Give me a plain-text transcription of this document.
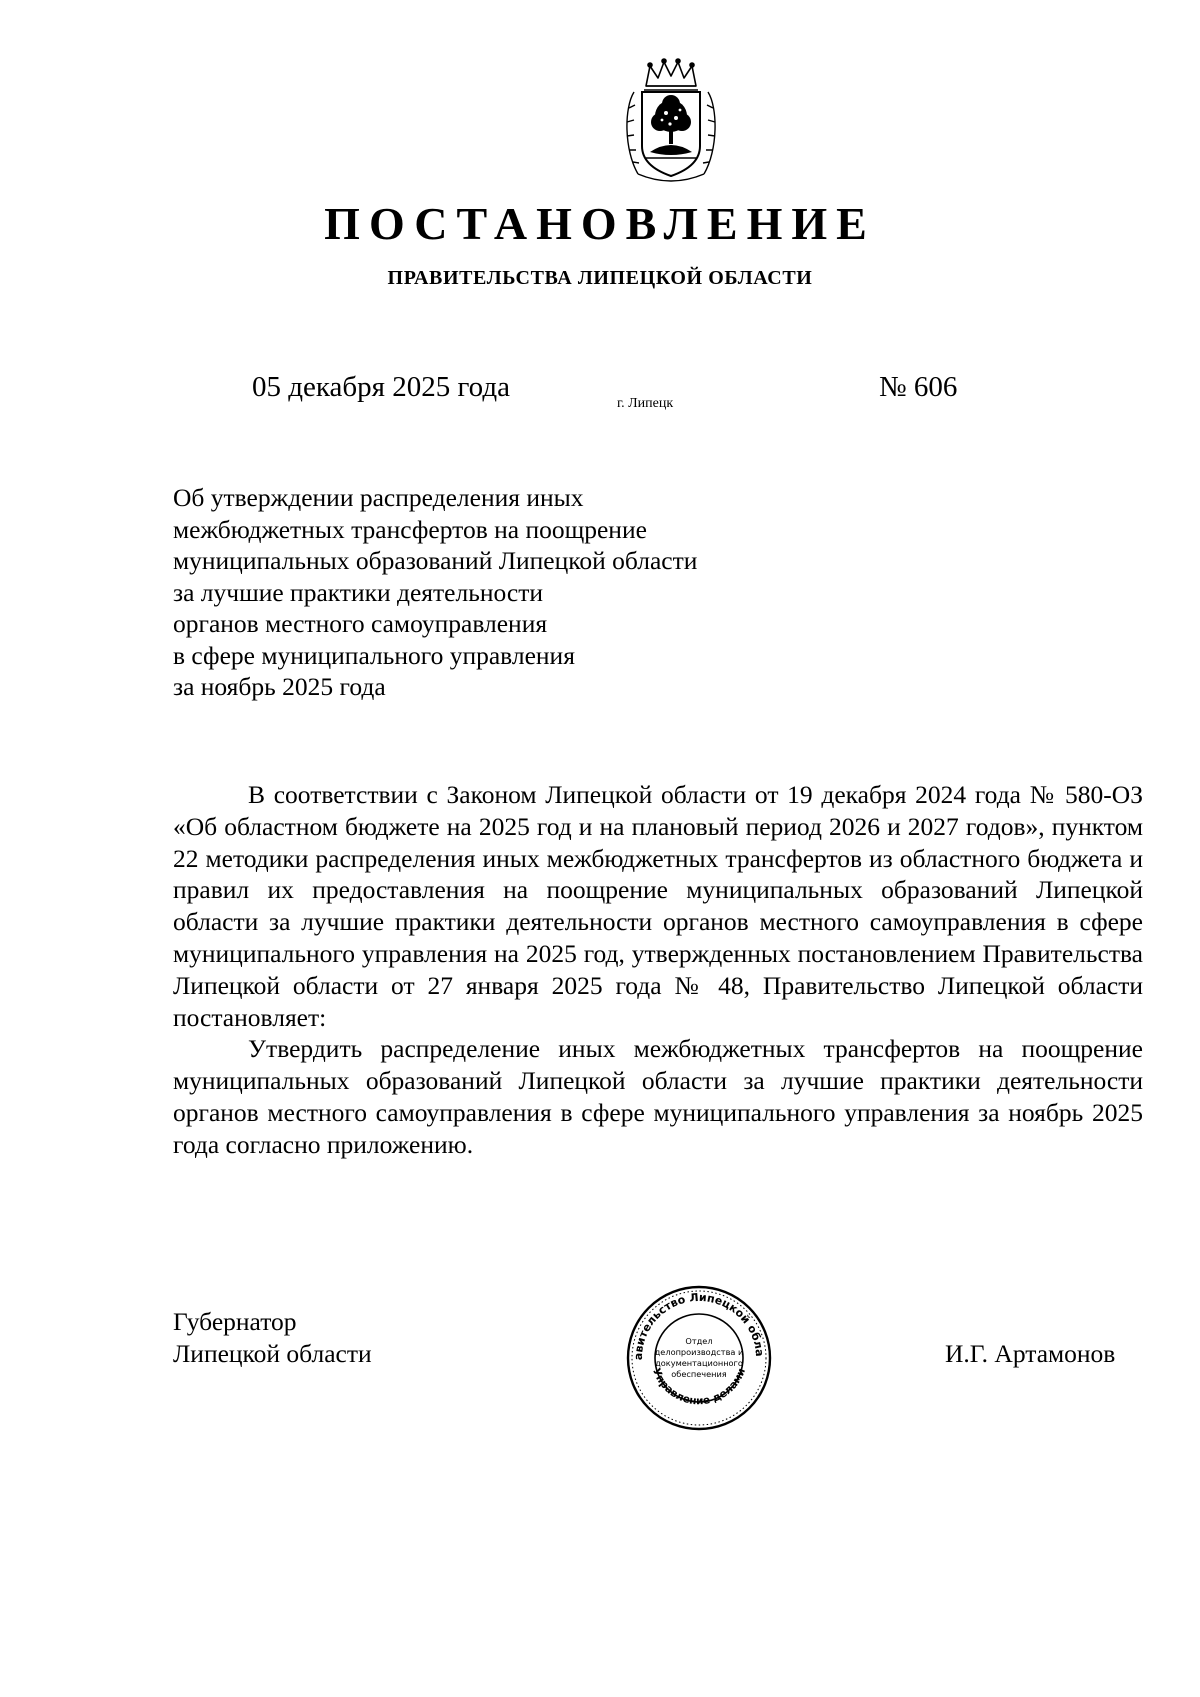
ПОСТАНОВЛЕНИЕ
ПРАВИТЕЛЬСТВА ЛИПЕЦКОЙ ОБЛАСТИ
05 декабря 2025 года
г. Липецк
№ 606
Об утверждении распределения иных
межбюджетных трансфертов на поощрение
муниципальных образований Липецкой области
за лучшие практики деятельности
органов местного самоуправления
в сфере муниципального управления
за ноябрь 2025 года

В соответствии с Законом Липецкой области от 19 декабря 2024 года № 580-ОЗ «Об областном бюджете на 2025 год и на плановый период 2026 и 2027 годов», пунктом 22 методики распределения иных межбюджетных трансфертов из областного бюджета и правил их предоставления на поощрение муниципальных образований Липецкой области за лучшие практики деятельности органов местного самоуправления в сфере муниципального управления на 2025 год, утвержденных постановлением Правительства Липецкой области от 27 января 2025 года № 48, Правительство Липецкой области постановляет:

Утвердить распределение иных межбюджетных трансфертов на поощрение муниципальных образований Липецкой области за лучшие практики деятельности органов местного самоуправления в сфере муниципального управления за ноябрь 2025 года согласно приложению.

Губернатор
Липецкой области	авительство Липецкой обла
Управление делами
Отдел
делопроизводства и
документационного
обеспечения
И.Г. Артамонов
